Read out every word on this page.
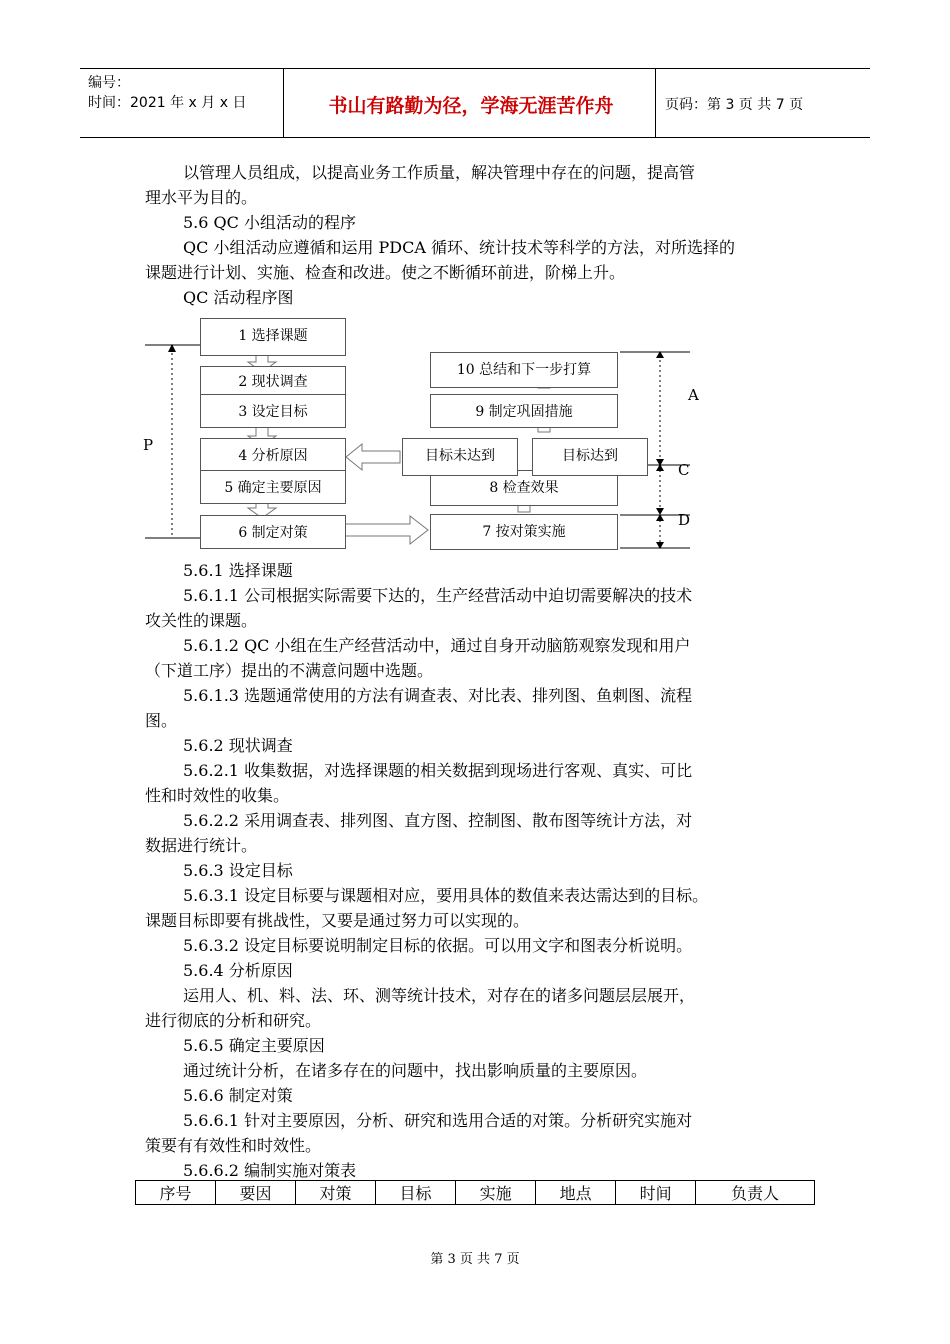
编号：
时间：2021 年 x 月 x 日	书山有路勤为径，学海无涯苦作舟	页码：第 3 页 共 7 页
以管理人员组成，以提高业务工作质量，解决管理中存在的问题，提高管
理水平为目的。
5.6 QC 小组活动的程序
QC 小组活动应遵循和运用 PDCA 循环、统计技术等科学的方法，对所选择的
课题进行计划、实施、检查和改进。使之不断循环前进，阶梯上升。
QC 活动程序图
1 选择课题
2 现状调查
3 设定目标
4 分析原因
5 确定主要原因
6 制定对策
10 总结和下一步打算
9 制定巩固措施
8 检查效果
7 按对策实施
目标未达到	目标达到
P
A
C
D
5.6.1 选择课题
5.6.1.1 公司根据实际需要下达的，生产经营活动中迫切需要解决的技术
攻关性的课题。
5.6.1.2 QC 小组在生产经营活动中，通过自身开动脑筋观察发现和用户
（下道工序）提出的不满意问题中选题。
5.6.1.3 选题通常使用的方法有调查表、对比表、排列图、鱼刺图、流程
图。
5.6.2 现状调查
5.6.2.1 收集数据，对选择课题的相关数据到现场进行客观、真实、可比
性和时效性的收集。
5.6.2.2 采用调查表、排列图、直方图、控制图、散布图等统计方法，对
数据进行统计。
5.6.3 设定目标
5.6.3.1 设定目标要与课题相对应，要用具体的数值来表达需达到的目标。
课题目标即要有挑战性，又要是通过努力可以实现的。
5.6.3.2 设定目标要说明制定目标的依据。可以用文字和图表分析说明。
5.6.4 分析原因
运用人、机、料、法、环、测等统计技术，对存在的诸多问题层层展开，
进行彻底的分析和研究。
5.6.5 确定主要原因
通过统计分析，在诸多存在的问题中，找出影响质量的主要原因。
5.6.6 制定对策
5.6.6.1 针对主要原因，分析、研究和选用合适的对策。分析研究实施对
策要有有效性和时效性。
5.6.6.2 编制实施对策表
序号	要因	对策	目标	实施	地点	时间	负责人
第 3 页 共 7 页
